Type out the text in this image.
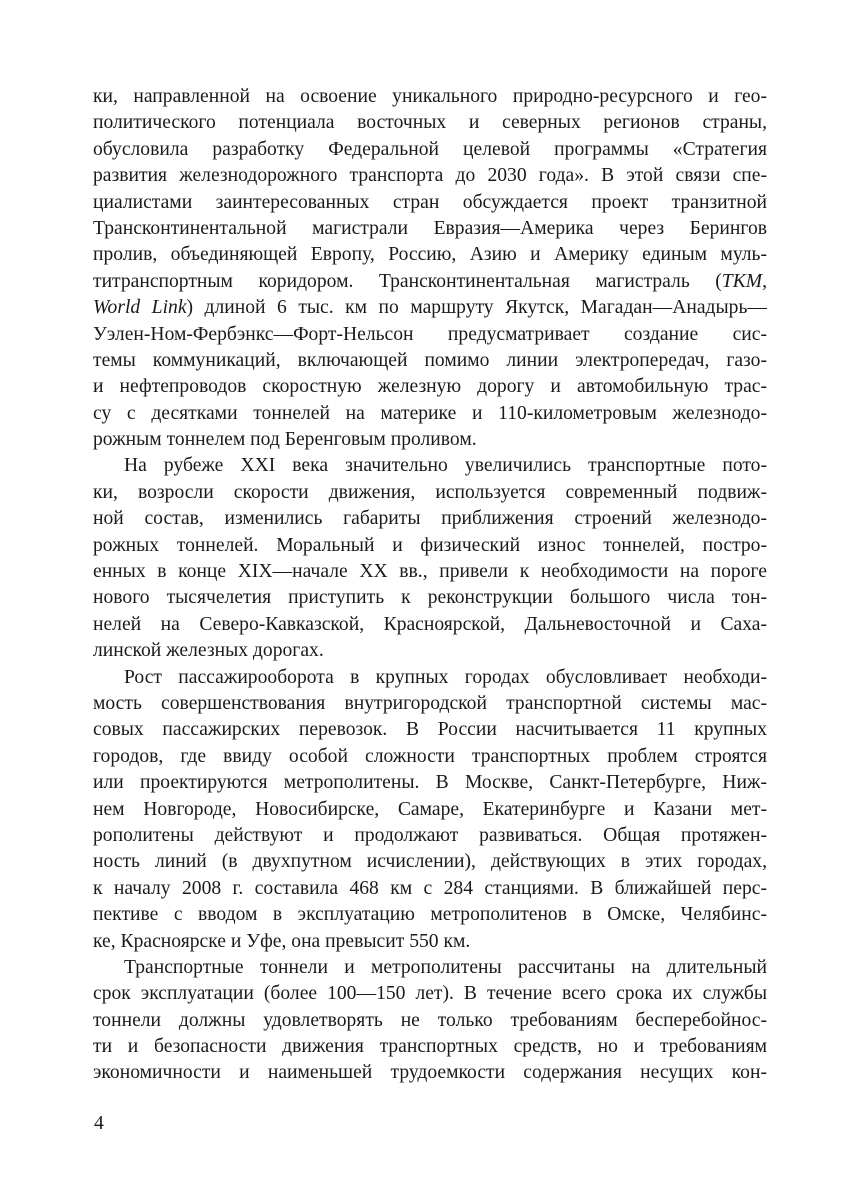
ки, направленной на освоение уникального природно-ресурсного и гео-
политического потенциала восточных и северных регионов страны,
обусловила разработку Федеральной целевой программы «Стратегия
развития железнодорожного транспорта до 2030 года». В этой связи спе-
циалистами заинтересованных стран обсуждается проект транзитной
Трансконтинентальной магистрали Евразия—Америка через Берингов
пролив, объединяющей Европу, Россию, Азию и Америку единым муль-
титранспортным коридором. Трансконтинентальная магистраль (TKM,
World Link) длиной 6 тыс. км по маршруту Якутск, Магадан—Анадырь—
Уэлен-Ном-Фербэнкс—Форт-Нельсон предусматривает создание сис-
темы коммуникаций, включающей помимо линии электропередач, газо-
и нефтепроводов скоростную железную дорогу и автомобильную трас-
су с десятками тоннелей на материке и 110-километровым железнодо-
рожным тоннелем под Беренговым проливом.
На рубеже XXI века значительно увеличились транспортные пото-
ки, возросли скорости движения, используется современный подвиж-
ной состав, изменились габариты приближения строений железнодо-
рожных тоннелей. Моральный и физический износ тоннелей, постро-
енных в конце XIX—начале XX вв., привели к необходимости на пороге
нового тысячелетия приступить к реконструкции большого числа тон-
нелей на Северо-Кавказской, Красноярской, Дальневосточной и Саха-
линской железных дорогах.
Рост пассажирооборота в крупных городах обусловливает необходи-
мость совершенствования внутригородской транспортной системы мас-
совых пассажирских перевозок. В России насчитывается 11 крупных
городов, где ввиду особой сложности транспортных проблем строятся
или проектируются метрополитены. В Москве, Санкт-Петербурге, Ниж-
нем Новгороде, Новосибирске, Самаре, Екатеринбурге и Казани мет-
рополитены действуют и продолжают развиваться. Общая протяжен-
ность линий (в двухпутном исчислении), действующих в этих городах,
к началу 2008 г. составила 468 км с 284 станциями. В ближайшей перс-
пективе с вводом в эксплуатацию метрополитенов в Омске, Челябинс-
ке, Красноярске и Уфе, она превысит 550 км.
Транспортные тоннели и метрополитены рассчитаны на длительный
срок эксплуатации (более 100—150 лет). В течение всего срока их службы
тоннели должны удовлетворять не только требованиям бесперебойнос-
ти и безопасности движения транспортных средств, но и требованиям
экономичности и наименьшей трудоемкости содержания несущих кон-
4
